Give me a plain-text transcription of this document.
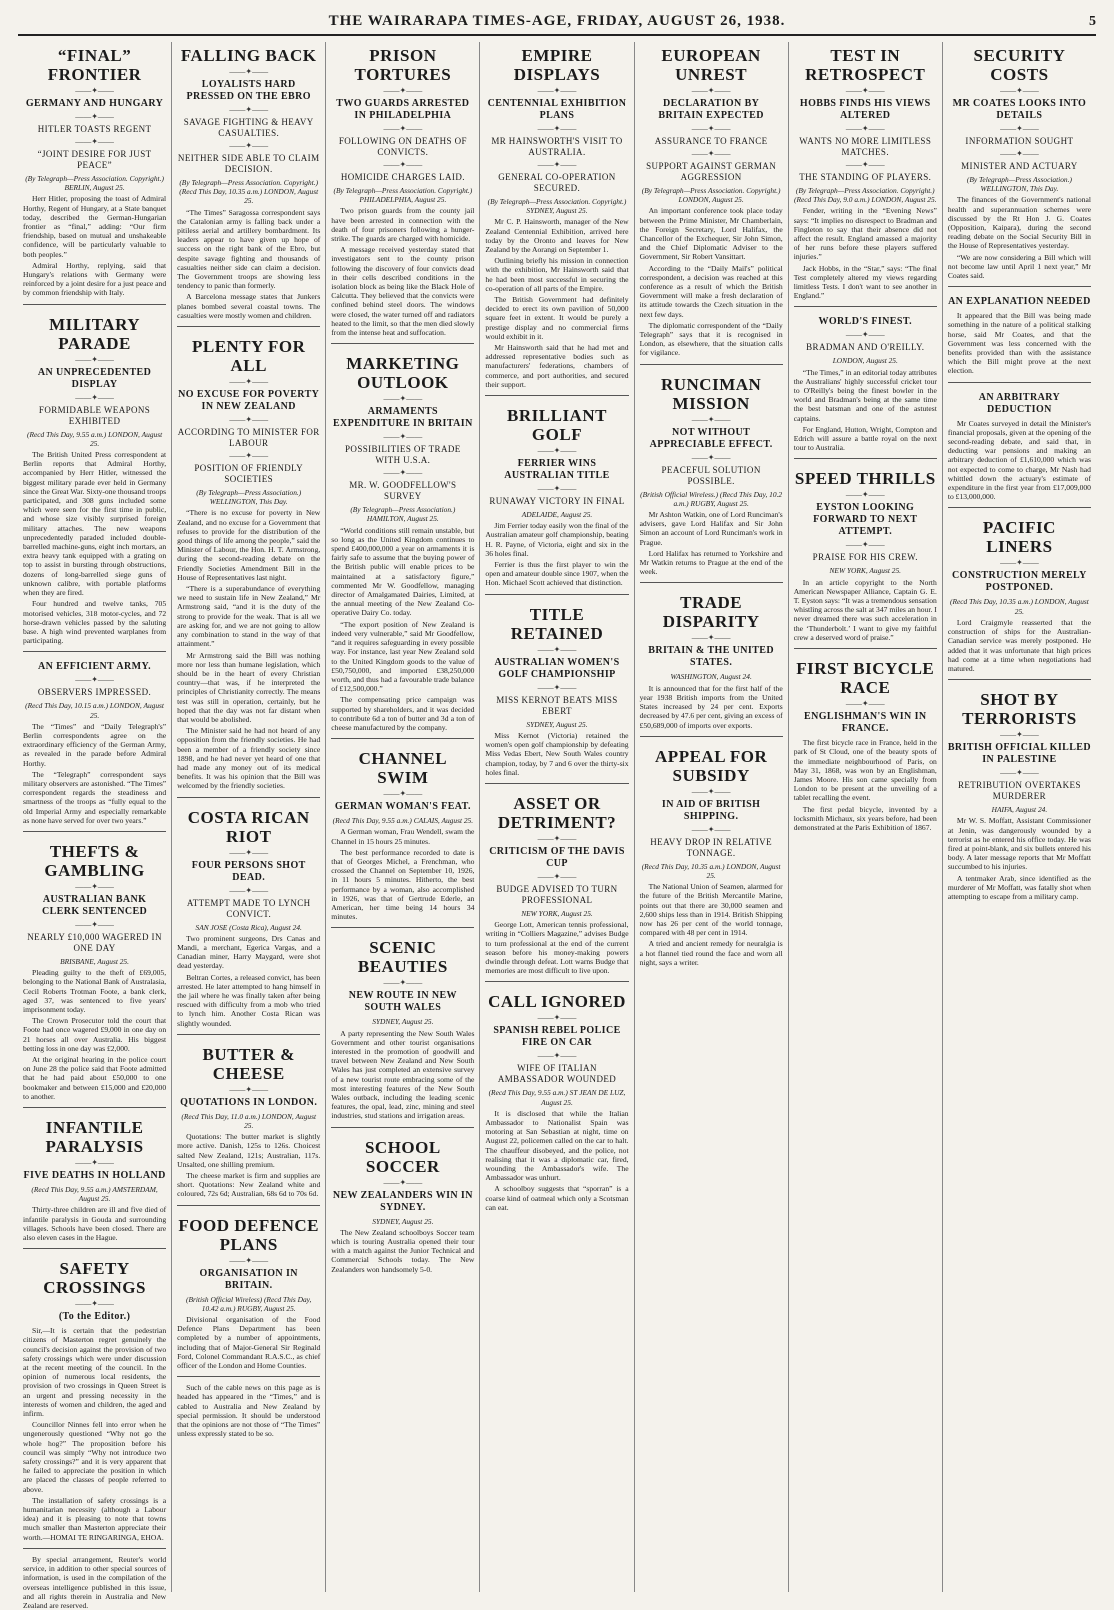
THE WAIRARAPA TIMES-AGE, FRIDAY, AUGUST 26, 1938.	5
“FINAL” FRONTIER
——✦——
GERMANY AND HUNGARY
——✦——
HITLER TOASTS REGENT
——✦——
“JOINT DESIRE FOR JUST PEACE”
(By Telegraph—Press Association. Copyright.) BERLIN, August 25.

Herr Hitler, proposing the toast of Admiral Horthy, Regent of Hungary, at a State banquet today, described the German-Hungarian frontier as “final,” adding: “Our firm friendship, based on mutual and unshakeable confidence, will be particularly valuable to both peoples.”

Admiral Horthy, replying, said that Hungary's relations with Germany were reinforced by a joint desire for a just peace and by common friendship with Italy.

MILITARY PARADE
——✦——
AN UNPRECEDENTED DISPLAY
——✦——
FORMIDABLE WEAPONS EXHIBITED
(Recd This Day, 9.55 a.m.) LONDON, August 25.

The British United Press correspondent at Berlin reports that Admiral Horthy, accompanied by Herr Hitler, witnessed the biggest military parade ever held in Germany since the Great War. Sixty-one thousand troops participated, and 308 guns included some which were seen for the first time in public, and whose size visibly surprised foreign military attaches. The new weapons unprecedentedly paraded included double-barrelled machine-guns, eight inch mortars, an extra heavy tank equipped with a grating on top to assist in bursting through obstructions, dozens of long-barrelled siege guns of unknown calibre, with portable platforms when they are fired.

Four hundred and twelve tanks, 705 motorised vehicles, 318 motor-cycles, and 72 horse-drawn vehicles passed by the saluting base. A high wind prevented warplanes from participating.

AN EFFICIENT ARMY.
——✦——
OBSERVERS IMPRESSED.
(Recd This Day, 10.15 a.m.) LONDON, August 25.

The “Times” and “Daily Telegraph's” Berlin correspondents agree on the extraordinary efficiency of the German Army, as revealed in the parade before Admiral Horthy.

The “Telegraph” correspondent says military observers are astonished. “The Times” correspondent regards the steadiness and smartness of the troops as “fully equal to the old Imperial Army and especially remarkable as none have served for over two years.”

THEFTS & GAMBLING
——✦——
AUSTRALIAN BANK CLERK SENTENCED
——✦——
NEARLY £10,000 WAGERED IN ONE DAY
BRISBANE, August 25.

Pleading guilty to the theft of £69,005, belonging to the National Bank of Australasia, Cecil Roberts Trotman Foote, a bank clerk, aged 37, was sentenced to five years' imprisonment today.

The Crown Prosecutor told the court that Foote had once wagered £9,000 in one day on 21 horses all over Australia. His biggest betting loss in one day was £2,000.

At the original hearing in the police court on June 28 the police said that Foote admitted that he had paid about £50,000 to one bookmaker and between £15,000 and £20,000 to another.

INFANTILE PARALYSIS
——✦——
FIVE DEATHS IN HOLLAND
(Recd This Day, 9.55 a.m.) AMSTERDAM, August 25.

Thirty-three children are ill and five died of infantile paralysis in Gouda and surrounding villages. Schools have been closed. There are also eleven cases in the Hague.

SAFETY CROSSINGS
——✦——
(To the Editor.)

Sir,—It is certain that the pedestrian citizens of Masterton regret genuinely the council's decision against the provision of two safety crossings which were under discussion at the recent meeting of the council. In the opinion of numerous local residents, the provision of two crossings in Queen Street is an urgent and pressing necessity in the interests of women and children, the aged and infirm.

Councillor Ninnes fell into error when he ungenerously questioned “Why not go the whole hog?” The proposition before his council was simply “Why not introduce two safety crossings?” and it is very apparent that he failed to appreciate the position in which are placed the classes of people referred to above.

The installation of safety crossings is a humanitarian necessity (although a Labour idea) and it is pleasing to note that towns much smaller than Masterton appreciate their worth.—HOMAI TE RINGARINGA, EHOA.

By special arrangement, Reuter's world service, in addition to other special sources of information, is used in the compilation of the overseas intelligence published in this issue, and all rights therein in Australia and New Zealand are reserved.

FALLING BACK
——✦——
LOYALISTS HARD PRESSED ON THE EBRO
——✦——
SAVAGE FIGHTING & HEAVY CASUALTIES.
——✦——
NEITHER SIDE ABLE TO CLAIM DECISION.
(By Telegraph—Press Association. Copyright.) (Recd This Day, 10.35 a.m.) LONDON, August 25.

“The Times” Saragossa correspondent says the Catalonian army is falling back under a pitiless aerial and artillery bombardment. Its leaders appear to have given up hope of success on the right bank of the Ebro, but despite savage fighting and thousands of casualties neither side can claim a decision. The Government troops are showing less tendency to panic than formerly.

A Barcelona message states that Junkers planes bombed several coastal towns. The casualties were mostly women and children.

PLENTY FOR ALL
——✦——
NO EXCUSE FOR POVERTY IN NEW ZEALAND
——✦——
ACCORDING TO MINISTER FOR LABOUR
——✦——
POSITION OF FRIENDLY SOCIETIES
(By Telegraph—Press Association.) WELLINGTON, This Day.

“There is no excuse for poverty in New Zealand, and no excuse for a Government that refuses to provide for the distribution of the good things of life among the people,” said the Minister of Labour, the Hon. H. T. Armstrong, during the second-reading debate on the Friendly Societies Amendment Bill in the House of Representatives last night.

“There is a superabundance of everything we need to sustain life in New Zealand,” Mr Armstrong said, “and it is the duty of the strong to provide for the weak. That is all we are asking for, and we are not going to allow any combination to stand in the way of that attainment.”

Mr Armstrong said the Bill was nothing more nor less than humane legislation, which should be in the heart of every Christian country—that was, if he interpreted the principles of Christianity correctly. The means test was still in operation, certainly, but he hoped that the day was not far distant when that would be abolished.

The Minister said he had not heard of any opposition from the friendly societies. He had been a member of a friendly society since 1898, and he had never yet heard of one that had made any money out of its medical benefits. It was his opinion that the Bill was welcomed by the friendly societies.

COSTA RICAN RIOT
——✦——
FOUR PERSONS SHOT DEAD.
——✦——
ATTEMPT MADE TO LYNCH CONVICT.
SAN JOSE (Costa Rica), August 24.

Two prominent surgeons, Drs Canas and Mandi, a merchant, Egerica Vargas, and a Canadian miner, Harry Maygard, were shot dead yesterday.

Beltran Cortes, a released convict, has been arrested. He later attempted to hang himself in the jail where he was finally taken after being rescued with difficulty from a mob who tried to lynch him. Another Costa Rican was slightly wounded.

BUTTER & CHEESE
——✦——
QUOTATIONS IN LONDON.
(Recd This Day, 11.0 a.m.) LONDON, August 25.

Quotations: The butter market is slightly more active. Danish, 125s to 126s. Choicest salted New Zealand, 121s; Australian, 117s. Unsalted, one shilling premium.

The cheese market is firm and supplies are short. Quotations: New Zealand white and coloured, 72s 6d; Australian, 68s 6d to 70s 6d.

FOOD DEFENCE PLANS
——✦——
ORGANISATION IN BRITAIN.
(British Official Wireless) (Recd This Day, 10.42 a.m.) RUGBY, August 25.

Divisional organisation of the Food Defence Plans Department has been completed by a number of appointments, including that of Major-General Sir Reginald Ford, Colonel Commandant R.A.S.C., as chief officer of the London and Home Counties.

Such of the cable news on this page as is headed has appeared in the “Times,” and is cabled to Australia and New Zealand by special permission. It should be understood that the opinions are not those of “The Times” unless expressly stated to be so.

PRISON TORTURES
——✦——
TWO GUARDS ARRESTED IN PHILADELPHIA
——✦——
FOLLOWING ON DEATHS OF CONVICTS.
——✦——
HOMICIDE CHARGES LAID.
(By Telegraph—Press Association. Copyright.) PHILADELPHIA, August 25.

Two prison guards from the county jail have been arrested in connection with the death of four prisoners following a hunger-strike. The guards are charged with homicide.

A message received yesterday stated that investigators sent to the county prison following the discovery of four convicts dead in their cells described conditions in the isolation block as being like the Black Hole of Calcutta. They believed that the convicts were confined behind steel doors. The windows were closed, the water turned off and radiators heated to the limit, so that the men died slowly from the intense heat and suffocation.

MARKETING OUTLOOK
——✦——
ARMAMENTS EXPENDITURE IN BRITAIN
——✦——
POSSIBILITIES OF TRADE WITH U.S.A.
——✦——
MR. W. GOODFELLOW'S SURVEY
(By Telegraph—Press Association.) HAMILTON, August 25.

“World conditions still remain unstable, but so long as the United Kingdom continues to spend £400,000,000 a year on armaments it is fairly safe to assume that the buying power of the British public will enable prices to be maintained at a satisfactory figure,” commented Mr W. Goodfellow, managing director of Amalgamated Dairies, Limited, at the annual meeting of the New Zealand Co-operative Dairy Co. today.

“The export position of New Zealand is indeed very vulnerable,” said Mr Goodfellow, “and it requires safeguarding in every possible way. For instance, last year New Zealand sold to the United Kingdom goods to the value of £50,750,000, and imported £38,250,000 worth, and thus had a favourable trade balance of £12,500,000.”

The compensating price campaign was supported by shareholders, and it was decided to contribute 6d a ton of butter and 3d a ton of cheese manufactured by the company.

CHANNEL SWIM
——✦——
GERMAN WOMAN'S FEAT.
(Recd This Day, 9.55 a.m.) CALAIS, August 25.

A German woman, Frau Wendell, swam the Channel in 15 hours 25 minutes.

The best performance recorded to date is that of Georges Michel, a Frenchman, who crossed the Channel on September 10, 1926, in 11 hours 5 minutes. Hitherto, the best performance by a woman, also accomplished in 1926, was that of Gertrude Ederle, an American, her time being 14 hours 34 minutes.

SCENIC BEAUTIES
——✦——
NEW ROUTE IN NEW SOUTH WALES
SYDNEY, August 25.

A party representing the New South Wales Government and other tourist organisations interested in the promotion of goodwill and travel between New Zealand and New South Wales has just completed an extensive survey of a new tourist route embracing some of the most interesting features of the New South Wales outback, including the leading scenic features, the opal, lead, zinc, mining and steel industries, stud stations and irrigation areas.

SCHOOL SOCCER
——✦——
NEW ZEALANDERS WIN IN SYDNEY.
SYDNEY, August 25.

The New Zealand schoolboys Soccer team which is touring Australia opened their tour with a match against the Junior Technical and Commercial Schools today. The New Zealanders won handsomely 5-0.

EMPIRE DISPLAYS
——✦——
CENTENNIAL EXHIBITION PLANS
——✦——
MR HAINSWORTH'S VISIT TO AUSTRALIA.
——✦——
GENERAL CO-OPERATION SECURED.
(By Telegraph—Press Association. Copyright.) SYDNEY, August 25.

Mr C. P. Hainsworth, manager of the New Zealand Centennial Exhibition, arrived here today by the Oronto and leaves for New Zealand by the Aorangi on September 1.

Outlining briefly his mission in connection with the exhibition, Mr Hainsworth said that he had been most successful in securing the co-operation of all parts of the Empire.

The British Government had definitely decided to erect its own pavilion of 50,000 square feet in extent. It would be purely a prestige display and no commercial firms would exhibit in it.

Mr Hainsworth said that he had met and addressed representative bodies such as manufacturers' federations, chambers of commerce, and port authorities, and secured their support.

BRILLIANT GOLF
——✦——
FERRIER WINS AUSTRALIAN TITLE
——✦——
RUNAWAY VICTORY IN FINAL
ADELAIDE, August 25.

Jim Ferrier today easily won the final of the Australian amateur golf championship, beating H. R. Payne, of Victoria, eight and six in the 36 holes final.

Ferrier is thus the first player to win the open and amateur double since 1907, when the Hon. Michael Scott achieved that distinction.

TITLE RETAINED
——✦——
AUSTRALIAN WOMEN'S GOLF CHAMPIONSHIP
——✦——
MISS KERNOT BEATS MISS EBERT
SYDNEY, August 25.

Miss Kernot (Victoria) retained the women's open golf championship by defeating Miss Vedas Ebert, New South Wales country champion, today, by 7 and 6 over the thirty-six holes final.

ASSET OR DETRIMENT?
——✦——
CRITICISM OF THE DAVIS CUP
——✦——
BUDGE ADVISED TO TURN PROFESSIONAL
NEW YORK, August 25.

George Lott, American tennis professional, writing in “Colliers Magazine,” advises Budge to turn professional at the end of the current season before his money-making powers dwindle through defeat. Lott warns Budge that memories are most difficult to live upon.

CALL IGNORED
——✦——
SPANISH REBEL POLICE FIRE ON CAR
——✦——
WIFE OF ITALIAN AMBASSADOR WOUNDED
(Recd This Day, 9.55 a.m.) ST JEAN DE LUZ, August 25.

It is disclosed that while the Italian Ambassador to Nationalist Spain was motoring at San Sebastian at night, time on August 22, policemen called on the car to halt. The chauffeur disobeyed, and the police, not realising that it was a diplomatic car, fired, wounding the Ambassador's wife. The Ambassador was unhurt.

A schoolboy suggests that “sporran” is a coarse kind of oatmeal which only a Scotsman can eat.

EUROPEAN UNREST
——✦——
DECLARATION BY BRITAIN EXPECTED
——✦——
ASSURANCE TO FRANCE
——✦——
SUPPORT AGAINST GERMAN AGGRESSION
(By Telegraph—Press Association. Copyright.) LONDON, August 25.

An important conference took place today between the Prime Minister, Mr Chamberlain, the Foreign Secretary, Lord Halifax, the Chancellor of the Exchequer, Sir John Simon, and the Chief Diplomatic Adviser to the Government, Sir Robert Vansittart.

According to the “Daily Mail's” political correspondent, a decision was reached at this conference as a result of which the British Government will make a fresh declaration of its attitude towards the Czech situation in the next few days.

The diplomatic correspondent of the “Daily Telegraph” says that it is recognised in London, as elsewhere, that the situation calls for vigilance.

RUNCIMAN MISSION
——✦——
NOT WITHOUT APPRECIABLE EFFECT.
——✦——
PEACEFUL SOLUTION POSSIBLE.
(British Official Wireless.) (Recd This Day, 10.2 a.m.) RUGBY, August 25.

Mr Ashton Watkin, one of Lord Runciman's advisers, gave Lord Halifax and Sir John Simon an account of Lord Runciman's work in Prague.

Lord Halifax has returned to Yorkshire and Mr Watkin returns to Prague at the end of the week.

TRADE DISPARITY
——✦——
BRITAIN & THE UNITED STATES.
WASHINGTON, August 24.

It is announced that for the first half of the year 1938 British imports from the United States increased by 24 per cent. Exports decreased by 47.6 per cent, giving an excess of £50,689,000 of imports over exports.

APPEAL FOR SUBSIDY
——✦——
IN AID OF BRITISH SHIPPING.
——✦——
HEAVY DROP IN RELATIVE TONNAGE.
(Recd This Day, 10.35 a.m.) LONDON, August 25.

The National Union of Seamen, alarmed for the future of the British Mercantile Marine, points out that there are 30,000 seamen and 2,600 ships less than in 1914. British Shipping now has 26 per cent of the world tonnage, compared with 48 per cent in 1914.

A tried and ancient remedy for neuralgia is a hot flannel tied round the face and worn all night, says a writer.

TEST IN RETROSPECT
——✦——
HOBBS FINDS HIS VIEWS ALTERED
——✦——
WANTS NO MORE LIMITLESS MATCHES.
——✦——
THE STANDING OF PLAYERS.
(By Telegraph—Press Association. Copyright.) (Recd This Day, 9.0 a.m.) LONDON, August 25.

Fender, writing in the “Evening News” says: “It implies no disrespect to Bradman and Fingleton to say that their absence did not affect the result. England amassed a majority of her runs before these players suffered injuries.”

Jack Hobbs, in the “Star,” says: “The final Test completely altered my views regarding limitless Tests. I don't want to see another in England.”

WORLD'S FINEST.
——✦——
BRADMAN AND O'REILLY.
LONDON, August 25.

“The Times,” in an editorial today attributes the Australians' highly successful cricket tour to O'Reilly's being the finest bowler in the world and Bradman's being at the same time the best batsman and one of the astutest captains.

For England, Hutton, Wright, Compton and Edrich will assure a battle royal on the next tour to Australia.

SPEED THRILLS
——✦——
EYSTON LOOKING FORWARD TO NEXT ATTEMPT.
——✦——
PRAISE FOR HIS CREW.
NEW YORK, August 25.

In an article copyright to the North American Newspaper Alliance, Captain G. E. T. Eyston says: “It was a tremendous sensation whistling across the salt at 347 miles an hour. I never dreamed there was such acceleration in the ‘Thunderbolt.’ I want to give my faithful crew a deserved word of praise.”

FIRST BICYCLE RACE
——✦——
ENGLISHMAN'S WIN IN FRANCE.

The first bicycle race in France, held in the park of St Cloud, one of the beauty spots of the immediate neighbourhood of Paris, on May 31, 1868, was won by an Englishman, James Moore. His son came specially from London to be present at the unveiling of a tablet recalling the event.

The first pedal bicycle, invented by a locksmith Michaux, six years before, had been demonstrated at the Paris Exhibition of 1867.

SECURITY COSTS
——✦——
MR COATES LOOKS INTO DETAILS
——✦——
INFORMATION SOUGHT
——✦——
MINISTER AND ACTUARY
(By Telegraph—Press Association.) WELLINGTON, This Day.

The finances of the Government's national health and superannuation schemes were discussed by the Rt Hon J. G. Coates (Opposition, Kaipara), during the second reading debate on the Social Security Bill in the House of Representatives yesterday.

“We are now considering a Bill which will not become law until April 1 next year,” Mr Coates said.

AN EXPLANATION NEEDED

It appeared that the Bill was being made something in the nature of a political stalking horse, said Mr Coates, and that the Government was less concerned with the benefits provided than with the assistance which the Bill might prove at the next election.

AN ARBITRARY DEDUCTION

Mr Coates surveyed in detail the Minister's financial proposals, given at the opening of the second-reading debate, and said that, in deducting war pensions and making an arbitrary deduction of £1,610,000 which was not expected to come to charge, Mr Nash had whittled down the actuary's estimate of expenditure in the first year from £17,009,000 to £13,000,000.

PACIFIC LINERS
——✦——
CONSTRUCTION MERELY POSTPONED.
(Recd This Day, 10.35 a.m.) LONDON, August 25.

Lord Craigmyle reasserted that the construction of ships for the Australian-Canadian service was merely postponed. He added that it was unfortunate that high prices had come at a time when negotiations had matured.

SHOT BY TERRORISTS
——✦——
BRITISH OFFICIAL KILLED IN PALESTINE
——✦——
RETRIBUTION OVERTAKES MURDERER
HAIFA, August 24.

Mr W. S. Moffatt, Assistant Commissioner at Jenin, was dangerously wounded by a terrorist as he entered his office today. He was fired at point-blank, and six bullets entered his body. A later message reports that Mr Moffatt succumbed to his injuries.

A tentmaker Arab, since identified as the murderer of Mr Moffatt, was fatally shot when attempting to escape from a military camp.
